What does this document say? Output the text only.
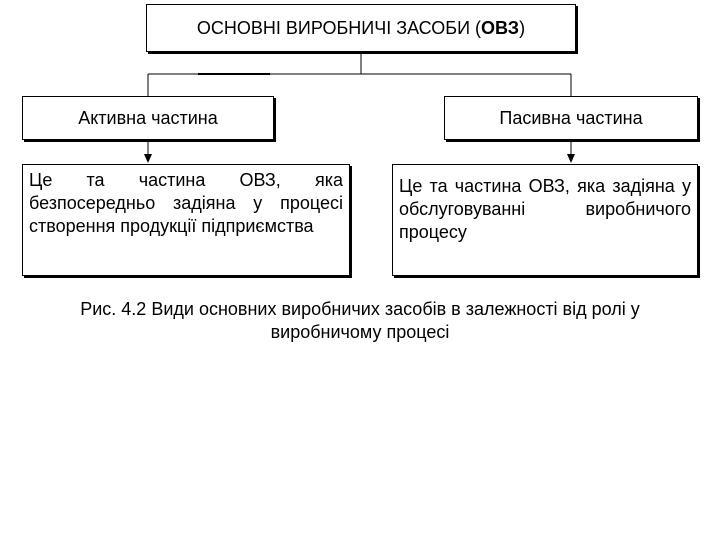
ОСНОВНІ ВИРОБНИЧІ ЗАСОБИ ( ОВЗ )
Активна частина	Пасивна частина
Це та частина ОВЗ, яка безпосередньо задіяна у процесі створення продукції підприємства
Це та частина ОВЗ, яка задіяна у обслуговуванні виробничого процесу
Рис. 4.2 Види основних виробничих засобів в залежності від ролі у виробничому процесі
